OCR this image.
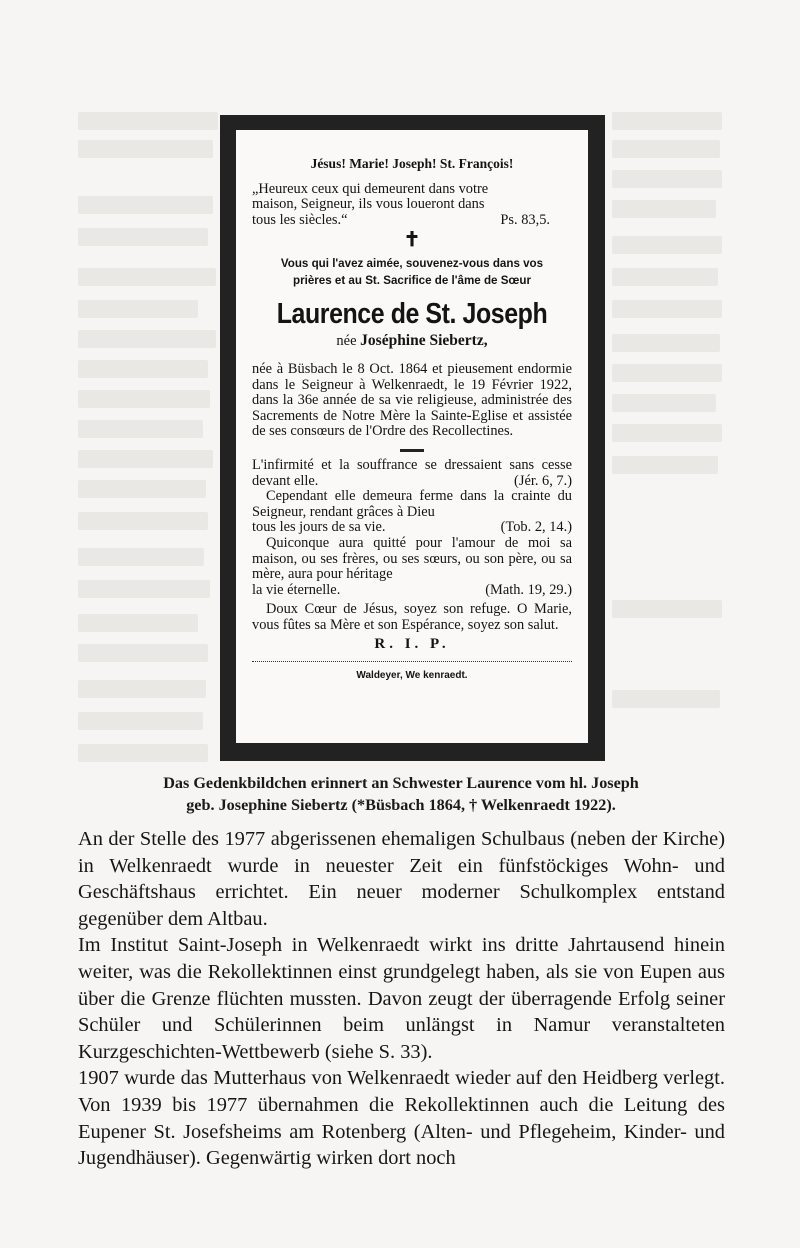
Jésus! Marie! Joseph! St. François!
„Heureux ceux qui demeurent dans votre
maison, Seigneur, ils vous loueront dans
tous les siècles.“	Ps. 83,5.
✝
Vous qui l'avez aimée, souvenez-vous dans vos
prières et au St. Sacrifice de l'âme de Sœur
Laurence de St. Joseph
née Joséphine Siebertz,
née à Büsbach le 8 Oct. 1864 et pieusement endormie dans le Seigneur à Welkenraedt, le 19 Février 1922, dans la 36e année de sa vie religieuse, administrée des Sacrements de Notre Mère la Sainte-Eglise et assistée de ses consœurs de l'Ordre des Recollectines.
L'infirmité et la souffrance se dressaient sans cesse devant elle.	(Jér. 6, 7.)
Cependant elle demeura ferme dans la crainte du Seigneur, rendant grâces à Dieu
tous les jours de sa vie.	(Tob. 2, 14.)
Quiconque aura quitté pour l'amour de moi sa maison, ou ses frères, ou ses sœurs, ou son père, ou sa mère, aura pour héritage
la vie éternelle.	(Math. 19, 29.)
Doux Cœur de Jésus, soyez son refuge. O Marie, vous fûtes sa Mère et son Espérance, soyez son salut.
R. I. P.
Waldeyer, We kenraedt.
Das Gedenkbildchen erinnert an Schwester Laurence vom hl. Joseph
geb. Josephine Siebertz (*Büsbach 1864, † Welkenraedt 1922).

An der Stelle des 1977 abgerissenen ehemaligen Schulbaus (neben der Kirche) in Welkenraedt wurde in neuester Zeit ein fünfstöckiges Wohn- und Geschäftshaus errichtet. Ein neuer moderner Schulkomplex entstand gegenüber dem Altbau.

Im Institut Saint-Joseph in Welkenraedt wirkt ins dritte Jahrtausend hinein weiter, was die Rekollektinnen einst grundgelegt haben, als sie von Eupen aus über die Grenze flüchten mussten. Davon zeugt der überragende Erfolg seiner Schüler und Schülerinnen beim unlängst in Namur veranstalteten Kurzgeschichten-Wettbewerb (siehe S. 33).

1907 wurde das Mutterhaus von Welkenraedt wieder auf den Heidberg verlegt. Von 1939 bis 1977 übernahmen die Rekollektinnen auch die Leitung des Eupener St. Josefsheims am Rotenberg (Alten- und Pflegeheim, Kinder- und Jugendhäuser). Gegenwärtig wirken dort noch
